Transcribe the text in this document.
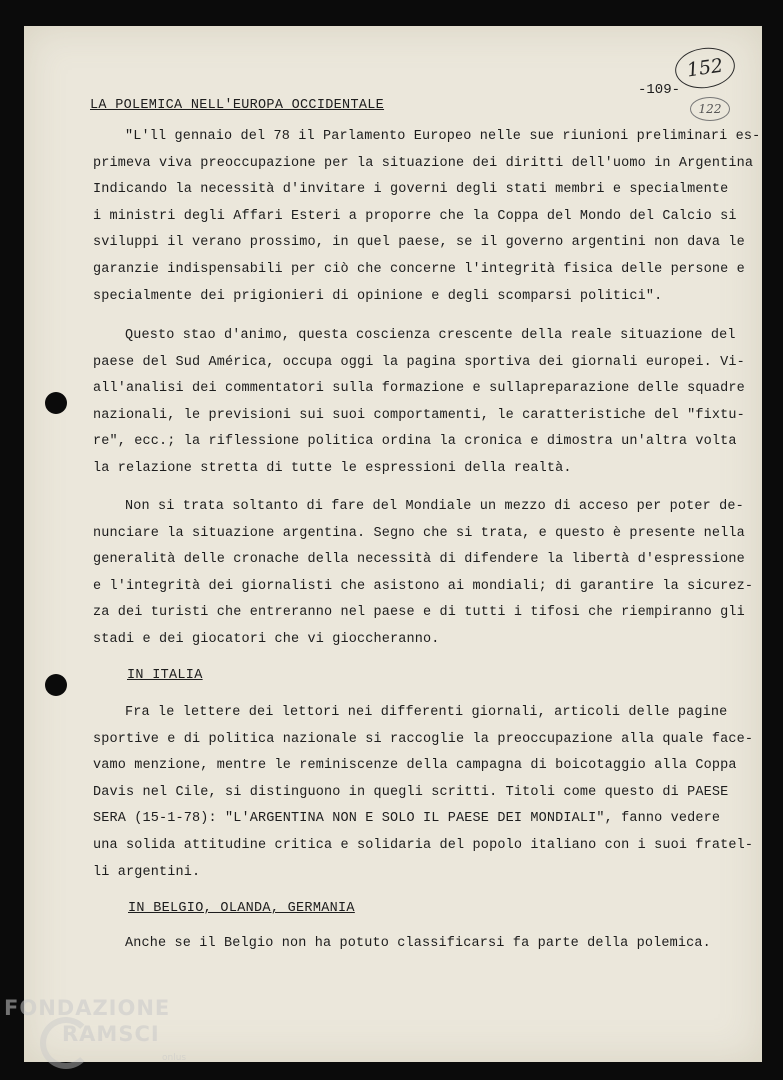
152
122
-109-
LA POLEMICA NELL'EUROPA OCCIDENTALE
"L'll gennaio del 78 il Parlamento Europeo nelle sue riunioni preliminari es-
primeva viva preoccupazione per la situazione dei diritti dell'uomo in Argentina
Indicando la necessità d'invitare i governi degli stati membri e specialmente
i ministri degli Affari Esteri a proporre che la Coppa del Mondo del Calcio si
sviluppi il verano prossimo, in quel paese, se il governo argentini non dava le
garanzie indispensabili per ciò che concerne l'integrità fisica delle persone e
specialmente dei prigionieri di opinione e degli scomparsi politici".
Questo stao d'animo, questa coscienza crescente della reale situazione del
paese del Sud América, occupa oggi la pagina sportiva dei giornali europei. Vi-
all'analisi dei commentatori sulla formazione e sullapreparazione delle squadre
nazionali, le previsioni sui suoi comportamenti, le caratteristiche del "fixtu-
re", ecc.; la riflessione politica ordina la cronica e dimostra un'altra volta
la relazione stretta di tutte le espressioni della realtà.
Non si trata soltanto di fare del Mondiale un mezzo di acceso per poter de-
nunciare la situazione argentina. Segno che si trata, e questo è presente nella
generalità delle cronache della necessità di difendere la libertà d'espressione
e l'integrità dei giornalisti che asistono ai mondiali; di garantire la sicurez-
za dei turisti che entreranno nel paese e di tutti i tifosi che riempiranno gli
stadi e dei giocatori che vi gioccheranno.
IN ITALIA
Fra le lettere dei lettori nei differenti giornali, articoli delle pagine
sportive e di politica nazionale si raccoglie la preoccupazione alla quale face-
vamo menzione, mentre le reminiscenze della campagna di boicotaggio alla Coppa
Davis nel Cile, si distinguono in quegli scritti. Titoli come questo di PAESE
SERA (15-1-78): "L'ARGENTINA NON E SOLO IL PAESE DEI MONDIALI", fanno vedere
una solida attitudine critica e solidaria del popolo italiano con i suoi fratel-
li argentini.
IN BELGIO, OLANDA, GERMANIA
Anche se il Belgio non ha potuto classificarsi fa parte della polemica.
FONDAZIONE
RAMSCI
onlus
